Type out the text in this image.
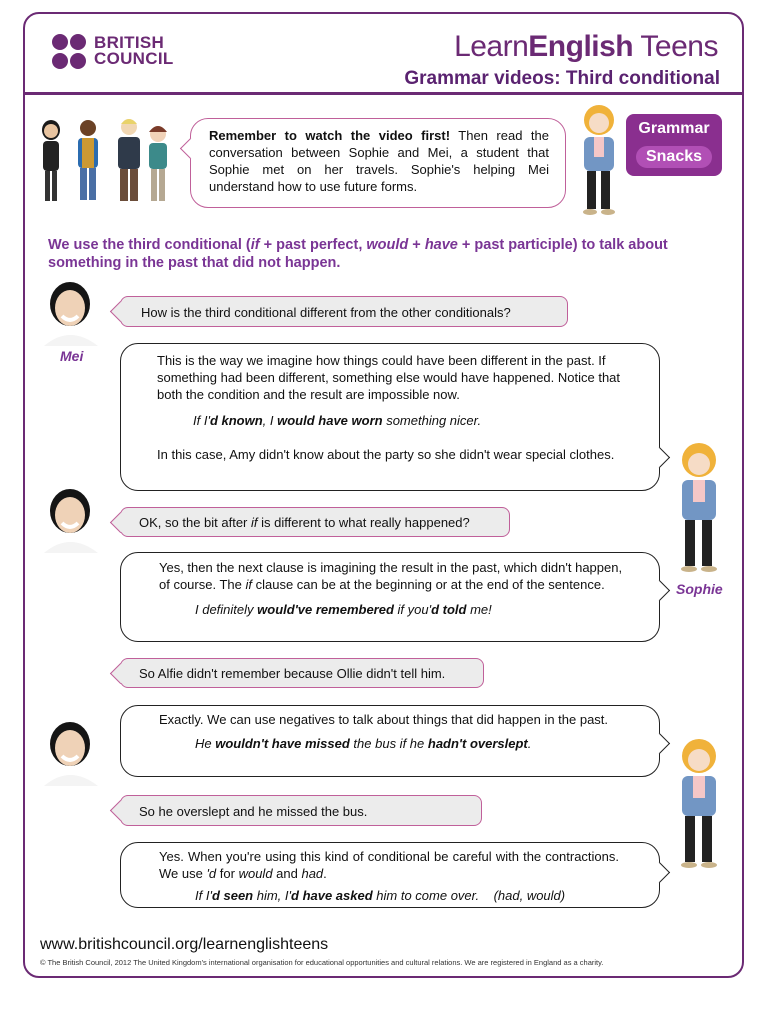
BRITISH
COUNCIL	LearnEnglish Teens
Grammar videos: Third conditional
Remember to watch the video first! Then read the conversation between Sophie and Mei, a student that Sophie met on her travels. Sophie's helping Mei understand how to use future forms.
Grammar
Snacks
We use the third conditional (if + past perfect, would + have + past participle) to talk about something in the past that did not happen.
Mei
Sophie
How is the third conditional different from the other conditionals?
This is the way we imagine how things could have been different in the past. If something had been different, something else would have happened. Notice that both the condition and the result are impossible now.
If I'd known, I would have worn something nicer.
In this case, Amy didn't know about the party so she didn't wear special clothes.
OK, so the bit after if is different to what really happened?
Yes, then the next clause is imagining the result in the past, which didn't happen, of course. The if clause can be at the beginning or at the end of the sentence.
I definitely would've remembered if you'd told me!
So Alfie didn't remember because Ollie didn't tell him.
Exactly. We can use negatives to talk about things that did happen in the past.
He wouldn't have missed the bus if he hadn't overslept.
So he overslept and he missed the bus.
Yes. When you're using this kind of conditional be careful with the contractions. We use 'd for would and had.
If I'd seen him, I'd have asked him to come over.    (had, would)
www.britishcouncil.org/learnenglishteens
© The British Council, 2012 The United Kingdom's international organisation for educational opportunities and cultural relations. We are registered in England as a charity.
